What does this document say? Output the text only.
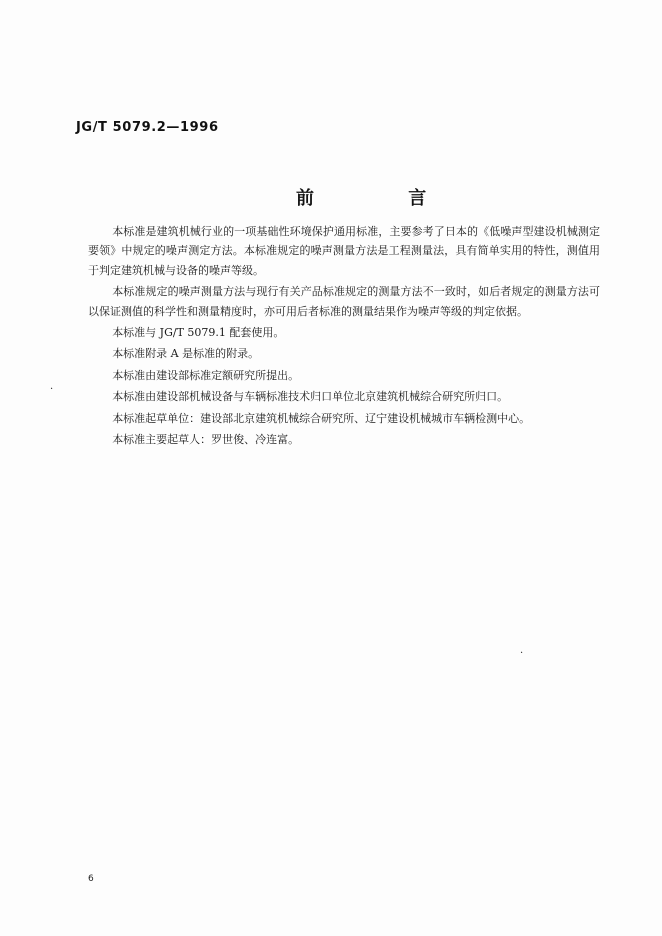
JG/T 5079.2—1996
前 言

本标准是建筑机械行业的一项基础性环境保护通用标准，主要参考了日本的《低噪声型建设机械测定要领》中规定的噪声测定方法。本标准规定的噪声测量方法是工程测量法，具有简单实用的特性，测值用于判定建筑机械与设备的噪声等级。

本标准规定的噪声测量方法与现行有关产品标准规定的测量方法不一致时，如后者规定的测量方法可以保证测值的科学性和测量精度时，亦可用后者标准的测量结果作为噪声等级的判定依据。

本标准与 JG/T 5079.1 配套使用。

本标准附录 A 是标准的附录。

本标准由建设部标准定额研究所提出。

本标准由建设部机械设备与车辆标准技术归口单位北京建筑机械综合研究所归口。

本标准起草单位：建设部北京建筑机械综合研究所、辽宁建设机械城市车辆检测中心。

本标准主要起草人：罗世俊、冷连富。

·
·
6
